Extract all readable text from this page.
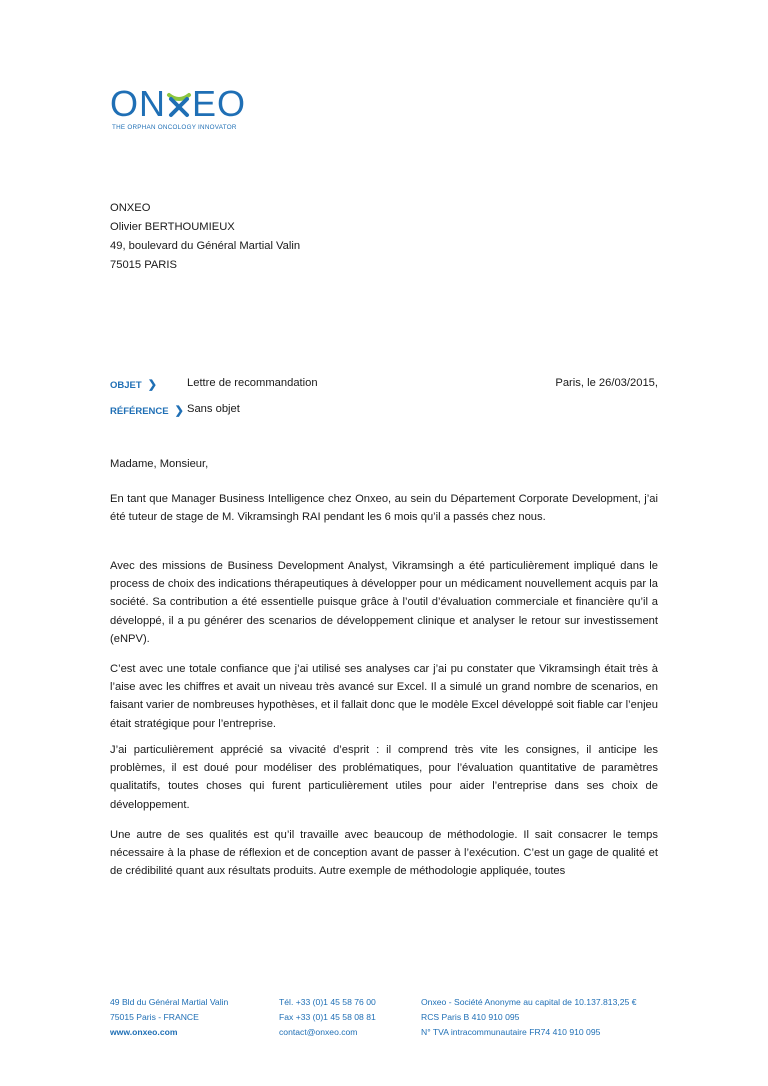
ON EO
THE ORPHAN ONCOLOGY INNOVATOR
ONXEO
Olivier BERTHOUMIEUX
49, boulevard du Général Martial Valin
75015 PARIS
OBJET ❯	Lettre de recommandation	Paris, le 26/03/2015,
RÉFÉRENCE ❯ Sans objet
Madame, Monsieur,
En tant que Manager Business Intelligence chez Onxeo, au sein du Département Corporate Development, j’ai été tuteur de stage de M. Vikramsingh RAI pendant les 6 mois qu’il a passés chez nous.
Avec des missions de Business Development Analyst, Vikramsingh a été particulièrement impliqué dans le process de choix des indications thérapeutiques à développer pour un médicament nouvellement acquis par la société. Sa contribution a été essentielle puisque grâce à l’outil d’évaluation commerciale et financière qu’il a développé, il a pu générer des scenarios de développement clinique et analyser le retour sur investissement (eNPV).
C’est avec une totale confiance que j’ai utilisé ses analyses car j’ai pu constater que Vikramsingh était très à l’aise avec les chiffres et avait un niveau très avancé sur Excel. Il a simulé un grand nombre de scenarios, en faisant varier de nombreuses hypothèses, et il fallait donc que le modèle Excel développé soit fiable car l’enjeu était stratégique pour l’entreprise.
J’ai particulièrement apprécié sa vivacité d’esprit : il comprend très vite les consignes, il anticipe les problèmes, il est doué pour modéliser des problématiques, pour l’évaluation quantitative de paramètres qualitatifs, toutes choses qui furent particulièrement utiles pour aider l’entreprise dans ses choix de développement.
Une autre de ses qualités est qu’il travaille avec beaucoup de méthodologie. Il sait consacrer le temps nécessaire à la phase de réflexion et de conception avant de passer à l’exécution. C’est un gage de qualité et de crédibilité quant aux résultats produits. Autre exemple de méthodologie appliquée, toutes
49 Bld du Général Martial Valin
75015 Paris - FRANCE
www.onxeo.com
Tél. +33 (0)1 45 58 76 00
Fax +33 (0)1 45 58 08 81
contact@onxeo.com
Onxeo - Société Anonyme au capital de 10.137.813,25 €
RCS Paris B 410 910 095
N° TVA intracommunautaire FR74 410 910 095
